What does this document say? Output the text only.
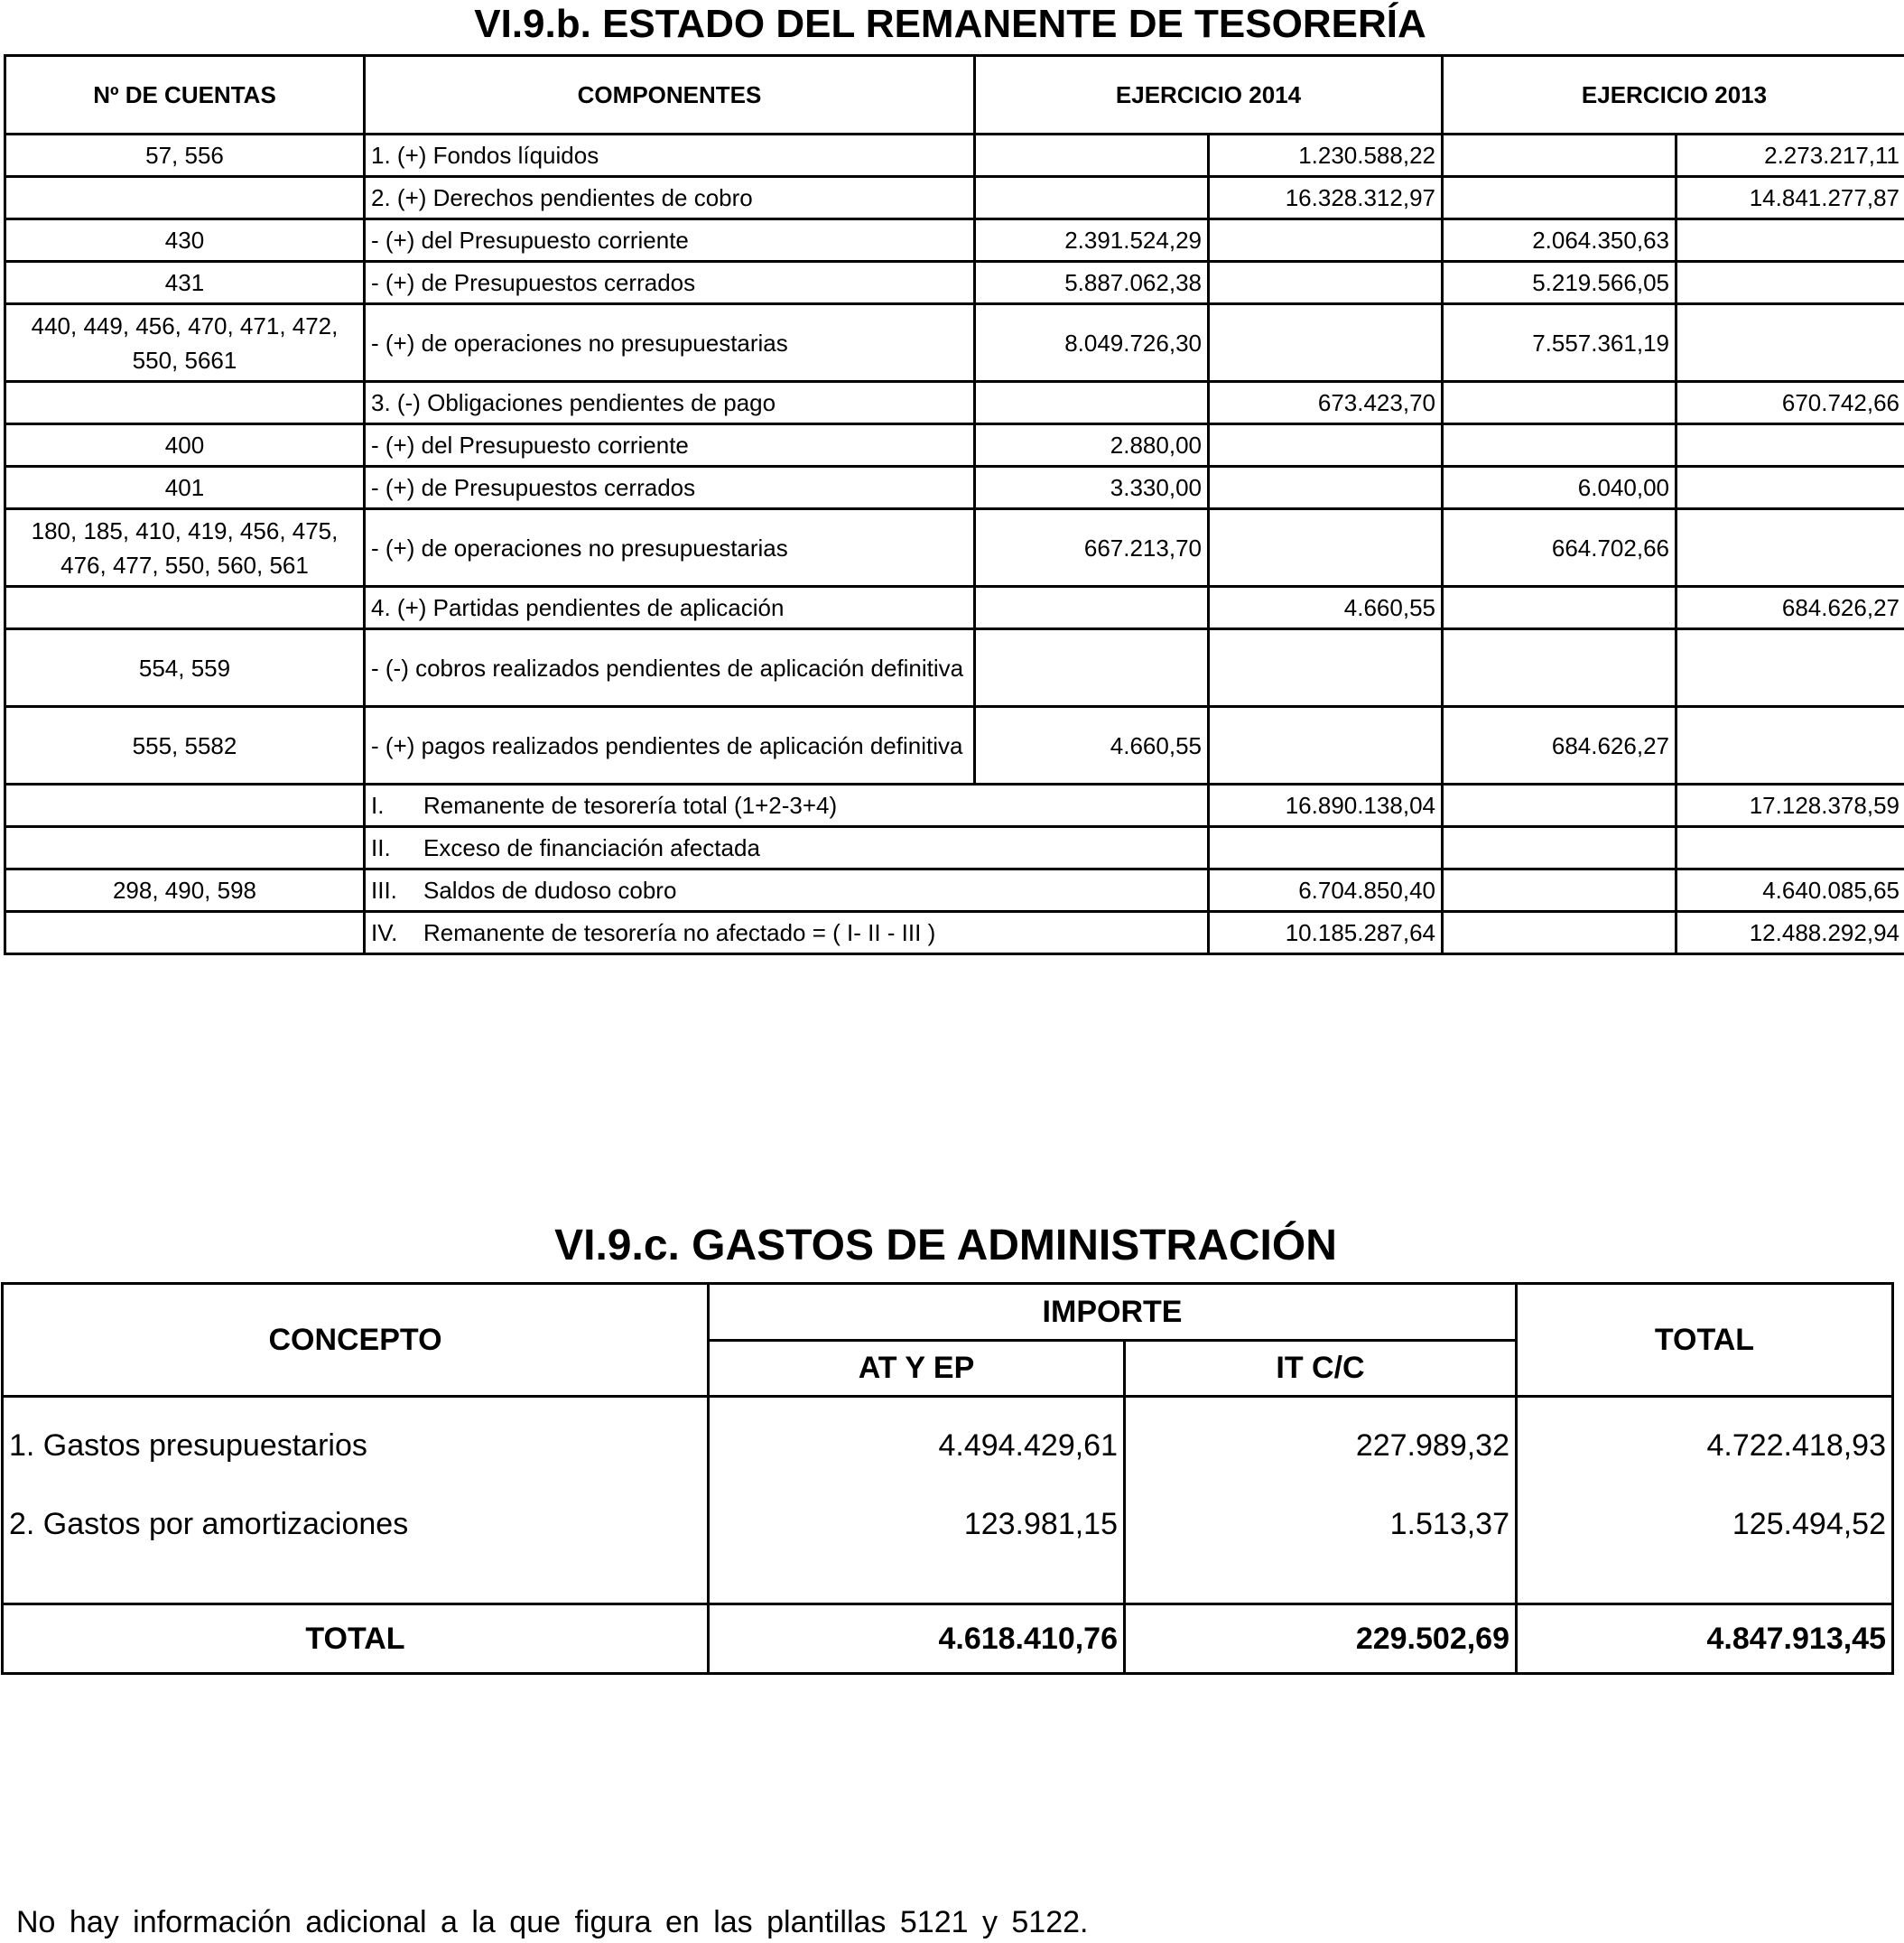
VI.9.b. ESTADO DEL REMANENTE DE TESORERÍA
Nº DE CUENTAS	COMPONENTES	EJERCICIO 2014		EJERCICIO 2013	
57, 556	1. (+) Fondos líquidos		1.230.588,22		2.273.217,11
	2. (+) Derechos pendientes de cobro		16.328.312,97		14.841.277,87
430	- (+) del Presupuesto corriente	2.391.524,29		2.064.350,63	
431	- (+) de Presupuestos cerrados	5.887.062,38		5.219.566,05	
440, 449, 456, 470, 471, 472, 550, 5661	- (+) de operaciones no presupuestarias	8.049.726,30		7.557.361,19	
	3. (-) Obligaciones pendientes de pago		673.423,70		670.742,66
400	- (+) del Presupuesto corriente	2.880,00			
401	- (+) de Presupuestos cerrados	3.330,00		6.040,00	
180, 185, 410, 419, 456, 475, 476, 477, 550, 560, 561	- (+) de operaciones no presupuestarias	667.213,70		664.702,66	
	4. (+) Partidas pendientes de aplicación		4.660,55		684.626,27
554, 559	- (-) cobros realizados pendientes de aplicación definitiva				
555, 5582	- (+) pagos realizados pendientes de aplicación definitiva	4.660,55		684.626,27	
	I. Remanente de tesorería total (1+2-3+4)		16.890.138,04		17.128.378,59
	II. Exceso de financiación afectada				
298, 490, 598	III. Saldos de dudoso cobro		6.704.850,40		4.640.085,65
	IV. Remanente de tesorería no afectado = ( I- II - III )		10.185.287,64		12.488.292,94
VI.9.c. GASTOS DE ADMINISTRACIÓN
CONCEPTO	IMPORTE		TOTAL
	AT Y EP	IT C/C	
1. Gastos presupuestarios	4.494.429,61	227.989,32	4.722.418,93
2. Gastos por amortizaciones	123.981,15	1.513,37	125.494,52
TOTAL	4.618.410,76	229.502,69	4.847.913,45
No hay información adicional a la que figura en las plantillas 5121 y 5122.
